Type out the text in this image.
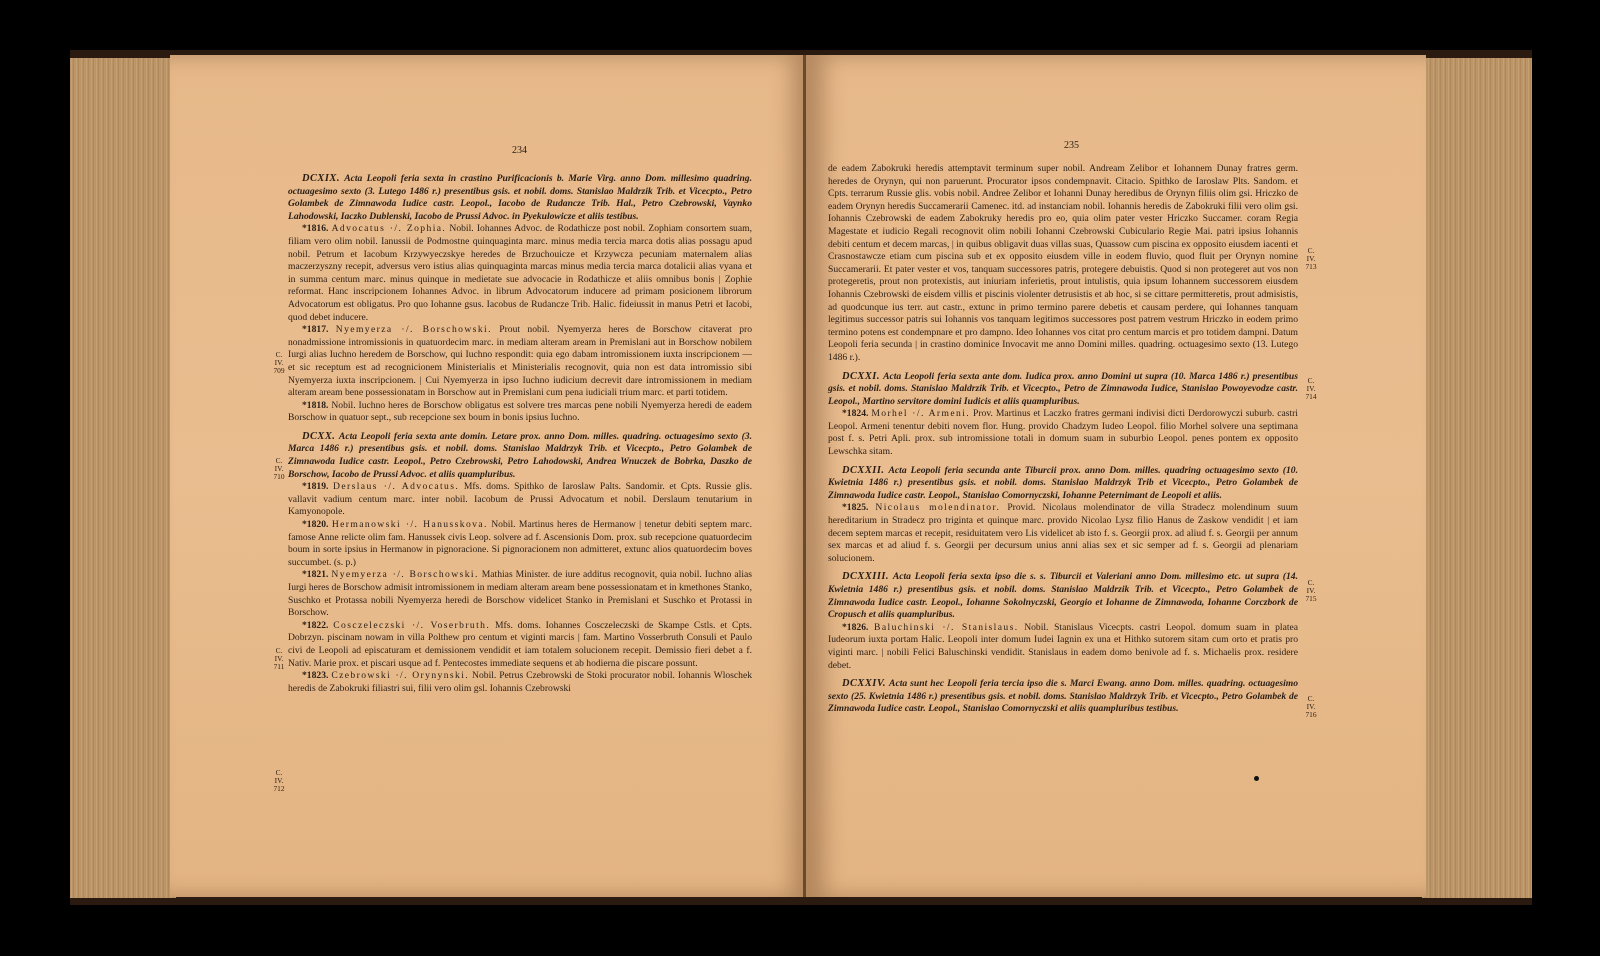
234

DCXIX. Acta Leopoli feria sexta in crastino Purificacionis b. Marie Virg. anno Dom. millesimo quadring. octuagesimo sexto (3. Lutego 1486 r.) presentibus gsis. et nobil. doms. Stanislao Maldrzik Trib. et Vicecpto., Petro Golambek de Zimnawoda Iudice castr. Leopol., Iacobo de Rudancze Trib. Hal., Petro Czebrowski, Vaynko Lahodowski, Iaczko Dublenski, Iacobo de Prussi Advoc. in Pyekulowicze et aliis testibus.

*1816. Advocatus ·/. Zophia. Nobil. Iohannes Advoc. de Rodathicze post nobil. Zophiam consortem suam, filiam vero olim nobil. Ianussii de Podmostne quinquaginta marc. minus media tercia marca dotis alias possagu apud nobil. Petrum et Iacobum Krzywyeczskye heredes de Brzuchouicze et Krzywcza pecuniam maternalem alias maczerzyszny recepit, adversus vero istius alias quinquaginta marcas minus media tercia marca dotalicii alias vyana et in summa centum marc. minus quinque in medietate sue advocacie in Rodathicze et aliis omnibus bonis | Zophie reformat. Hanc inscripcionem Iohannes Advoc. in librum Advocatorum inducere ad primam posicionem librorum Advocatorum est obligatus. Pro quo Iohanne gsus. Iacobus de Rudancze Trib. Halic. fideiussit in manus Petri et Iacobi, quod debet inducere.

*1817. Nyemyerza ·/. Borschowski. Prout nobil. Nyemyerza heres de Borschow citaverat pro nonadmissione intromissionis in quatuordecim marc. in mediam alteram aream in Premislani aut in Borschow nobilem Iurgi alias Iuchno heredem de Borschow, qui Iuchno respondit: quia ego dabam intromissionem iuxta inscripcionem — et sic receptum est ad recognicionem Ministerialis et Ministerialis recognovit, quia non est data intromissio sibi Nyemyerza iuxta inscripcionem. | Cui Nyemyerza in ipso Iuchno iudicium decrevit dare intromissionem in mediam alteram aream bene possessionatam in Borschow aut in Premislani cum pena iudiciali trium marc. et parti totidem.

*1818. Nobil. Iuchno heres de Borschow obligatus est solvere tres marcas pene nobili Nyemyerza heredi de eadem Borschow in quatuor sept., sub recepcione sex boum in bonis ipsius Iuchno.

DCXX. Acta Leopoli feria sexta ante domin. Letare prox. anno Dom. milles. quadring. octuagesimo sexto (3. Marca 1486 r.) presentibus gsis. et nobil. doms. Stanislao Maldrzyk Trib. et Vicecpto., Petro Golambek de Zimnawoda Iudice castr. Leopol., Petro Czebrowski, Petro Lahodowski, Andrea Wnuczek de Bobrka, Daszko de Borschow, Iacobo de Prussi Advoc. et aliis quampluribus.

*1819. Derslaus ·/. Advocatus. Mfs. doms. Spithko de Iaroslaw Palts. Sandomir. et Cpts. Russie glis. vallavit vadium centum marc. inter nobil. Iacobum de Prussi Advocatum et nobil. Derslaum tenutarium in Kamyonopole.

*1820. Hermanowski ·/. Hanusskova. Nobil. Martinus heres de Hermanow | tenetur debiti septem marc. famose Anne relicte olim fam. Hanussek civis Leop. solvere ad f. Ascensionis Dom. prox. sub recepcione quatuordecim boum in sorte ipsius in Hermanow in pignoracione. Si pignoracionem non admitteret, extunc alios quatuordecim boves succumbet. (s. p.)

*1821. Nyemyerza ·/. Borschowski. Mathias Minister. de iure additus recognovit, quia nobil. Iuchno alias Iurgi heres de Borschow admisit intromissionem in mediam alteram aream bene possessionatam et in kmethones Stanko, Suschko et Protassa nobili Nyemyerza heredi de Borschow videlicet Stanko in Premislani et Suschko et Protassi in Borschow.

*1822. Cosczeleczski ·/. Voserbruth. Mfs. doms. Iohannes Cosczeleczski de Skampe Cstls. et Cpts. Dobrzyn. piscinam nowam in villa Polthew pro centum et viginti marcis | fam. Martino Vosserbruth Consuli et Paulo civi de Leopoli ad episcaturam et demissionem vendidit et iam totalem solucionem recepit. Demissio fieri debet a f. Nativ. Marie prox. et piscari usque ad f. Pentecostes immediate sequens et ab hodierna die piscare possunt.

*1823. Czebrowski ·/. Orynynski. Nobil. Petrus Czebrowski de Stoki procurator nobil. Iohannis Wloschek heredis de Zabokruki filiastri sui, filii vero olim gsl. Iohannis Czebrowski

C.
IV.
709
C.
IV.
710
C.
IV.
711
C.
IV.
712
235

de eadem Zabokruki heredis attemptavit terminum super nobil. Andream Zelibor et Iohannem Dunay fratres germ. heredes de Orynyn, qui non paruerunt. Procurator ipsos condempnavit. Citacio. Spithko de Iaroslaw Plts. Sandom. et Cpts. terrarum Russie glis. vobis nobil. Andree Zelibor et Iohanni Dunay heredibus de Orynyn filiis olim gsi. Hriczko de eadem Orynyn heredis Succamerarii Camenec. itd. ad instanciam nobil. Iohannis heredis de Zabokruki filii vero olim gsi. Iohannis Czebrowski de eadem Zabokruky heredis pro eo, quia olim pater vester Hriczko Succamer. coram Regia Magestate et iudicio Regali recognovit olim nobili Iohanni Czebrowski Cubiculario Regie Mai. patri ipsius Iohannis debiti centum et decem marcas, | in quibus obligavit duas villas suas, Quassow cum piscina ex opposito eiusdem iacenti et Crasnostawcze etiam cum piscina sub et ex opposito eiusdem ville in eodem fluvio, quod fluit per Orynyn nomine Succamerarii. Et pater vester et vos, tanquam successores patris, protegere debuistis. Quod si non protegeret aut vos non protegeretis, prout non protexistis, aut iniuriam inferietis, prout intulistis, quia ipsum Iohannem successorem eiusdem Iohannis Czebrowski de eisdem villis et piscinis violenter detrusistis et ab hoc, si se cittare permitteretis, prout admisistis, ad quodcunque ius terr. aut castr., extunc in primo termino parere debetis et causam perdere, qui Iohannes tanquam legitimus successor patris sui Iohannis vos tanquam legitimos successores post patrem vestrum Hriczko in eodem primo termino potens est condempnare et pro dampno. Ideo Iohannes vos citat pro centum marcis et pro totidem dampni. Datum Leopoli feria secunda | in crastino dominice Invocavit me anno Domini milles. quadring. octuagesimo sexto (13. Lutego 1486 r.).

DCXXI. Acta Leopoli feria sexta ante dom. Iudica prox. anno Domini ut supra (10. Marca 1486 r.) presentibus gsis. et nobil. doms. Stanislao Maldrzik Trib. et Vicecpto., Petro de Zimnawoda Iudice, Stanislao Powoyevodze castr. Leopol., Martino servitore domini Iudicis et aliis quampluribus.

*1824. Morhel ·/. Armeni. Prov. Martinus et Laczko fratres germani indivisi dicti Derdorowyczi suburb. castri Leopol. Armeni tenentur debiti novem flor. Hung. provido Chadzym Iudeo Leopol. filio Morhel solvere una septimana post f. s. Petri Apli. prox. sub intromissione totali in domum suam in suburbio Leopol. penes pontem ex opposito Lewschka sitam.

DCXXII. Acta Leopoli feria secunda ante Tiburcii prox. anno Dom. milles. quadring octuagesimo sexto (10. Kwietnia 1486 r.) presentibus gsis. et nobil. doms. Stanislao Maldrzyk Trib et Vicecpto., Petro Golambek de Zimnawoda Iudice castr. Leopol., Stanislao Comornyczski, Iohanne Peternimant de Leopoli et aliis.

*1825. Nicolaus molendinator. Provid. Nicolaus molendinator de villa Stradecz molendinum suum hereditarium in Stradecz pro triginta et quinque marc. provido Nicolao Lysz filio Hanus de Zaskow vendidit | et iam decem septem marcas et recepit, residuitatem vero Lis videlicet ab isto f. s. Georgii prox. ad aliud f. s. Georgii per annum sex marcas et ad aliud f. s. Georgii per decursum unius anni alias sex et sic semper ad f. s. Georgii ad plenariam solucionem.

DCXXIII. Acta Leopoli feria sexta ipso die s. s. Tiburcii et Valeriani anno Dom. millesimo etc. ut supra (14. Kwietnia 1486 r.) presentibus gsis. et nobil. doms. Stanislao Maldrzik Trib. et Vicecpto., Petro Golambek de Zimnawoda Iudice castr. Leopol., Iohanne Sokolnyczski, Georgio et Iohanne de Zimnawoda, Iohanne Corczbork de Cropusch et aliis quampluribus.

*1826. Baluchinski ·/. Stanislaus. Nobil. Stanislaus Vicecpts. castri Leopol. domum suam in platea Iudeorum iuxta portam Halic. Leopoli inter domum Iudei Iagnin ex una et Hithko sutorem sitam cum orto et pratis pro viginti marc. | nobili Felici Baluschinski vendidit. Stanislaus in eadem domo benivole ad f. s. Michaelis prox. residere debet.

DCXXIV. Acta sunt hec Leopoli feria tercia ipso die s. Marci Ewang. anno Dom. milles. quadring. octuagesimo sexto (25. Kwietnia 1486 r.) presentibus gsis. et nobil. doms. Stanislao Maldrzyk Trib. et Vicecpto., Petro Golambek de Zimnawoda Iudice castr. Leopol., Stanislao Comornyczski et aliis quampluribus testibus.

C.
IV.
713
C.
IV.
714
C.
IV.
715
C.
IV.
716
